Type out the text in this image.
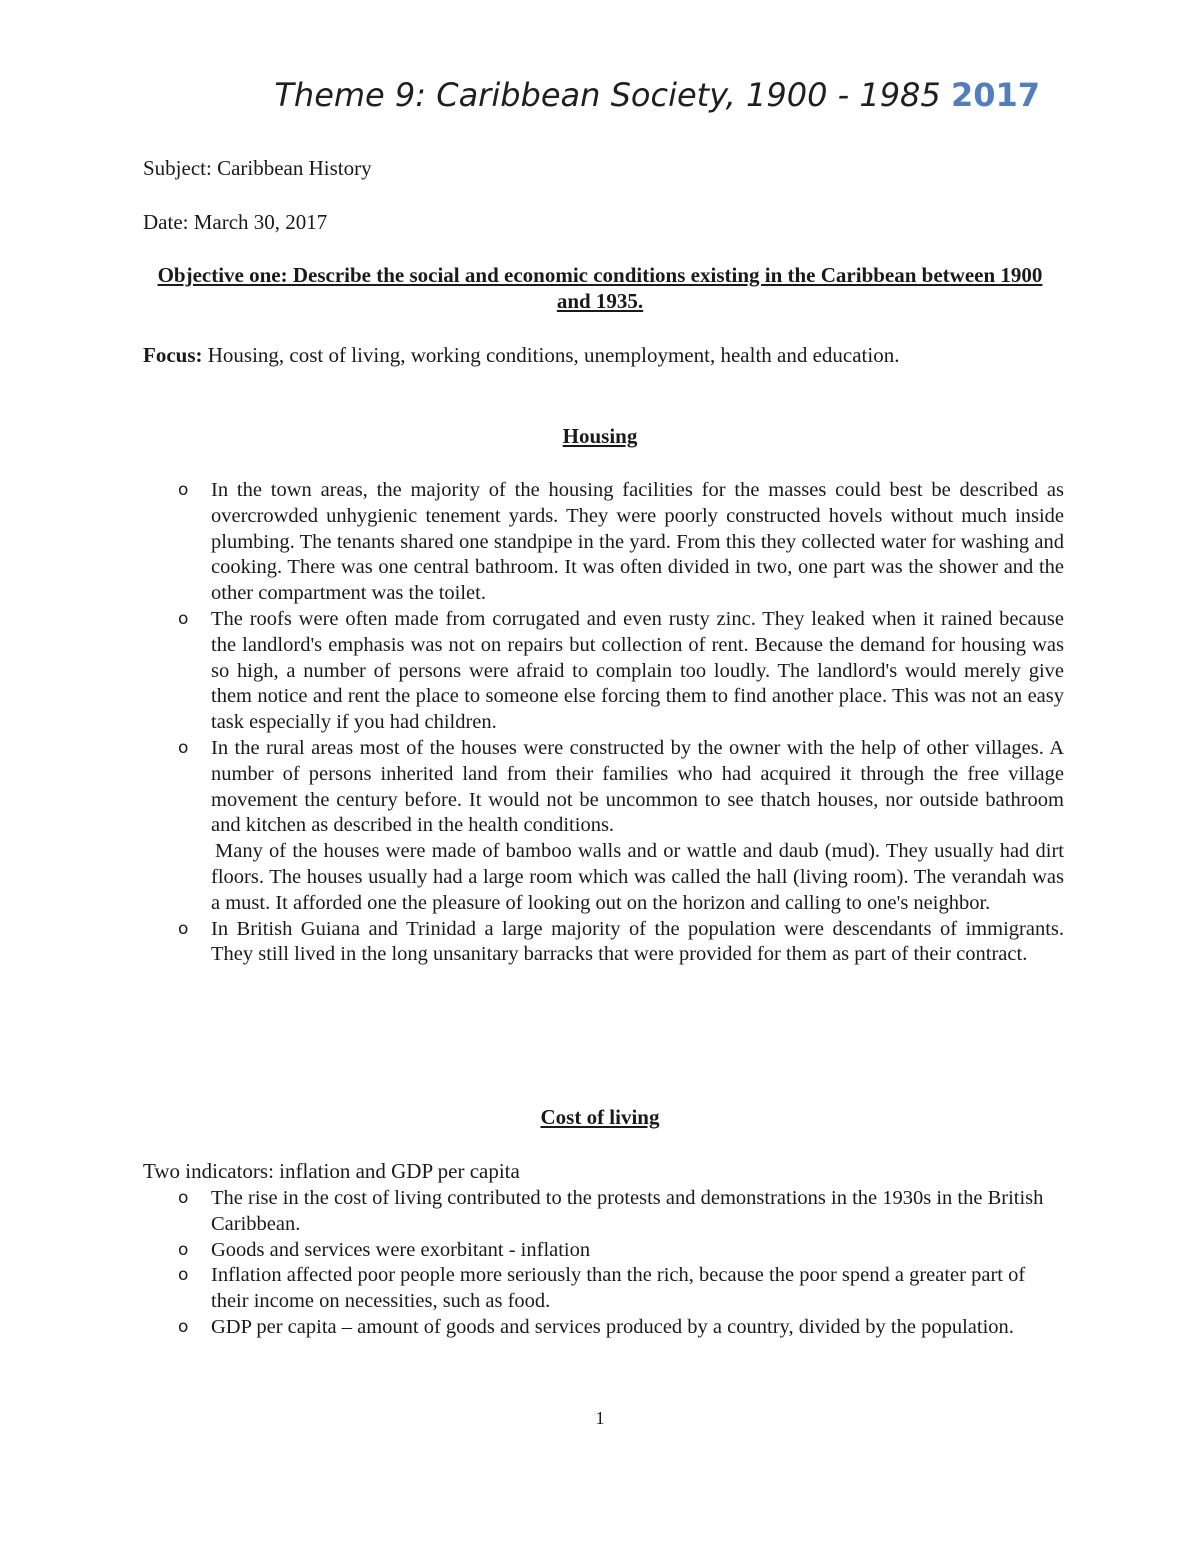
Theme 9: Caribbean Society, 1900 - 1985 2017
Subject: Caribbean History
Date: March 30, 2017
Objective one: Describe the social and economic conditions existing in the Caribbean between 1900 and 1935.
Focus: Housing, cost of living, working conditions, unemployment, health and education.
Housing
o In the town areas, the majority of the housing facilities for the masses could best be described as overcrowded unhygienic tenement yards. They were poorly constructed hovels without much inside plumbing. The tenants shared one standpipe in the yard. From this they collected water for washing and cooking. There was one central bathroom. It was often divided in two, one part was the shower and the other compartment was the toilet.
o The roofs were often made from corrugated and even rusty zinc. They leaked when it rained because the landlord's emphasis was not on repairs but collection of rent. Because the demand for housing was so high, a number of persons were afraid to complain too loudly. The landlord's would merely give them notice and rent the place to someone else forcing them to find another place. This was not an easy task especially if you had children.
o In the rural areas most of the houses were constructed by the owner with the help of other villages. A number of persons inherited land from their families who had acquired it through the free village movement the century before. It would not be uncommon to see thatch houses, nor outside bathroom and kitchen as described in the health conditions.
Many of the houses were made of bamboo walls and or wattle and daub (mud). They usually had dirt floors. The houses usually had a large room which was called the hall (living room). The verandah was a must. It afforded one the pleasure of looking out on the horizon and calling to one's neighbor.
o In British Guiana and Trinidad a large majority of the population were descendants of immigrants. They still lived in the long unsanitary barracks that were provided for them as part of their contract.
Cost of living
Two indicators: inflation and GDP per capita
o The rise in the cost of living contributed to the protests and demonstrations in the 1930s in the British Caribbean.
o Goods and services were exorbitant - inflation
o Inflation affected poor people more seriously than the rich, because the poor spend a greater part of their income on necessities, such as food.
o GDP per capita – amount of goods and services produced by a country, divided by the population.
1
